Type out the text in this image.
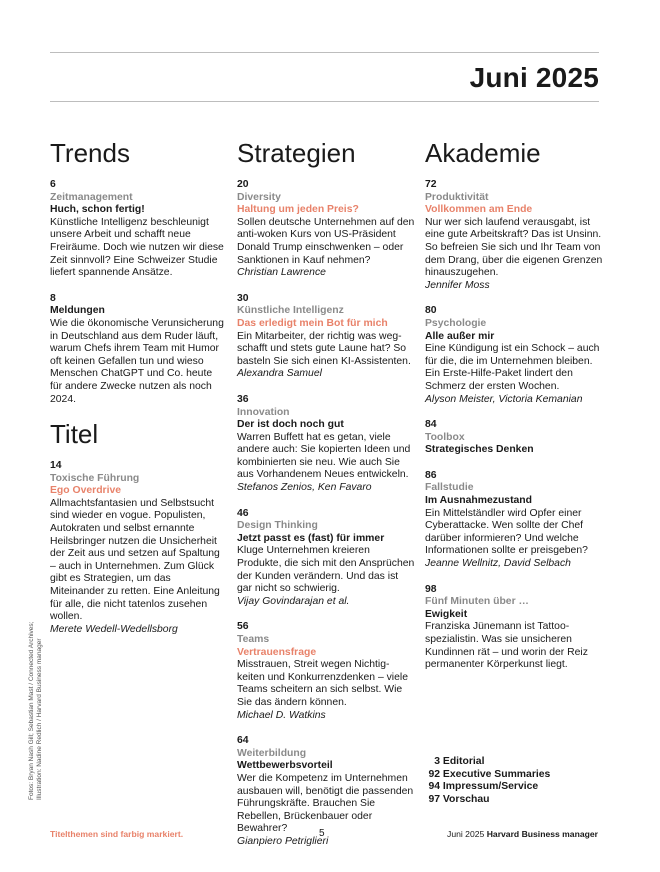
Juni 2025
Trends
6
Zeitmanagement
Huch, schon fertig!
Künstliche Intelligenz beschleunigt unsere Arbeit und schafft neue Freiräume. Doch wie nutzen wir diese Zeit sinnvoll? Eine Schweizer Studie liefert spannende Ansätze.
8
Meldungen
Wie die ökonomische Verunsicherung in Deutschland aus dem Ruder läuft, warum Chefs ihrem Team mit Humor oft keinen Gefallen tun und wieso Menschen ChatGPT und Co. heute für andere Zwecke nutzen als noch 2024.
Titel
14
Toxische Führung
Ego Overdrive
Allmachtsfantasien und Selbstsucht sind wieder en vogue. Populisten, Autokraten und selbst ernannte Heilsbringer nutzen die Unsicherheit der Zeit aus und setzen auf Spaltung – auch in Unternehmen. Zum Glück gibt es Strategien, um das Miteinander zu retten. Eine Anleitung für alle, die nicht tatenlos zusehen wollen.
Merete Wedell-Wedellsborg
Strategien
20
Diversity
Haltung um jeden Preis?
Sollen deutsche Unternehmen auf den anti-woken Kurs von US-Präsident Donald Trump einschwenken – oder Sanktionen in Kauf nehmen?
Christian Lawrence
30
Künstliche Intelligenz
Das erledigt mein Bot für mich
Ein Mitarbeiter, der richtig was weg-schafft und stets gute Laune hat? So basteln Sie sich einen KI-Assistenten.
Alexandra Samuel
36
Innovation
Der ist doch noch gut
Warren Buffett hat es getan, viele andere auch: Sie kopierten Ideen und kombinierten sie neu. Wie auch Sie aus Vorhandenem Neues entwickeln.
Stefanos Zenios, Ken Favaro
46
Design Thinking
Jetzt passt es (fast) für immer
Kluge Unternehmen kreieren Produkte, die sich mit den Ansprüchen der Kunden verändern. Und das ist gar nicht so schwierig.
Vijay Govindarajan et al.
56
Teams
Vertrauensfrage
Misstrauen, Streit wegen Nichtig-keiten und Konkurrenzdenken – viele Teams scheitern an sich selbst. Wie Sie das ändern können.
Michael D. Watkins
64
Weiterbildung
Wettbewerbsvorteil
Wer die Kompetenz im Unternehmen ausbauen will, benötigt die passenden Führungskräfte. Brauchen Sie Rebellen, Brückenbauer oder Bewahrer?
Gianpiero Petriglieri
Akademie
72
Produktivität
Vollkommen am Ende
Nur wer sich laufend verausgabt, ist eine gute Arbeitskraft? Das ist Unsinn. So befreien Sie sich und Ihr Team von dem Drang, über die eigenen Grenzen hinauszugehen.
Jennifer Moss
80
Psychologie
Alle außer mir
Eine Kündigung ist ein Schock – auch für die, die im Unternehmen bleiben. Ein Erste-Hilfe-Paket lindert den Schmerz der ersten Wochen.
Alyson Meister, Victoria Kemanian
84
Toolbox
Strategisches Denken
86
Fallstudie
Im Ausnahmezustand
Ein Mittelständler wird Opfer einer Cyberattacke. Wen sollte der Chef darüber informieren? Und welche Informationen sollte er preisgeben?
Jeanne Wellnitz, David Selbach
98
Fünf Minuten über …
Ewigkeit
Franziska Jünemann ist Tattoo-spezialistin. Was sie unsicheren Kundinnen rät – und worin der Reiz permanenter Körperkunst liegt.
3 Editorial
92 Executive Summaries
94 Impressum/Service
97 Vorschau
Fotos: Bryan Nash Gill; Sebastian Mast / Connected Archives; Illustration: Nadine Redlich / Harvard Business manager
Titelthemen sind farbig markiert.	5	Juni 2025 Harvard Business manager
